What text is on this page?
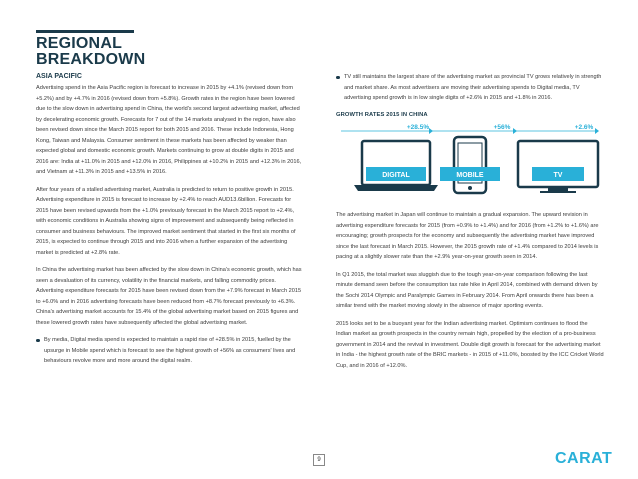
REGIONAL
BREAKDOWN
ASIA PACIFIC

Advertising spend in the Asia Pacific region is forecast to increase in 2015 by +4.1% (revised down from +5.2%) and by +4.7% in 2016 (revised down from +5.8%). Growth rates in the region have been lowered due to the slow down in advertising spend in China, the world's second largest advertising market, affected by decelerating economic growth. Forecasts for 7 out of the 14 markets analysed in the region, have also been revised down since the March 2015 report for both 2015 and 2016. These include Indonesia, Hong Kong, Taiwan and Malaysia. Consumer sentiment in these markets has been affected by weaker than expected global and domestic economic growth. Markets continuing to grow at double digits in 2015 and 2016 are: India at +11.0% in 2015 and +12.0% in 2016, Philippines at +10.2% in 2015 and +12.3% in 2016, and Vietnam at +11.3% in 2015 and +13.5% in 2016.

After four years of a stalled advertising market, Australia is predicted to return to positive growth in 2015. Advertising expenditure in 2015 is forecast to increase by +2.4% to reach AUD13.6billion. Forecasts for 2015 have been revised upwards from the +1.0% previously forecast in the March 2015 report to +2.4%, with economic conditions in Australia showing signs of improvement and subsequently being reflected in consumer and business behaviours. The improved market sentiment that started in the first six months of 2015, is expected to continue through 2015 and into 2016 when a further expansion of the advertising market is predicted at +2.8% rate.

In China the advertising market has been affected by the slow down in China's economic growth, which has seen a devaluation of its currency, volatility in the financial markets, and falling commodity prices. Advertising expenditure forecasts for 2015 have been revised down from the +7.9% forecast in March 2015 to +6.0% and in 2016 advertising forecasts have been reduced from +8.7% forecast previously to +6.3%. China's advertising market accounts for 15.4% of the global advertising market based on 2015 figures and these lowered growth rates have subsequently affected the global advertising market.

By media, Digital media spend is expected to maintain a rapid rise of +28.5% in 2015, fuelled by the upsurge in Mobile spend which is forecast to see the highest growth of +56% as consumers' lives and behaviours revolve more and more around the digital realm.
TV still maintains the largest share of the advertising market as provincial TV grows relatively in strength and market share. As most advertisers are moving their advertising spends to Digital media, TV advertising spend growth is in low single digits of +2.6% in 2015 and +1.8% in 2016.
GROWTH RATES 2015 IN CHINA
+28.5%	+56%	+2.6%
DIGITAL	MOBILE	TV

The advertising market in Japan will continue to maintain a gradual expansion. The upward revision in advertising expenditure forecasts for 2015 (from +0.9% to +1.4%) and for 2016 (from +1.2% to +1.6%) are encouraging; growth prospects for the economy and subsequently the advertising market have improved since the last forecast in March 2015. However, the 2015 growth rate of +1.4% compared to 2014 levels is pacing at a slightly slower rate than the +2.9% year-on-year growth seen in 2014.

In Q1 2015, the total market was sluggish due to the tough year-on-year comparison following the last minute demand seen before the consumption tax rate hike in April 2014, combined with demand driven by the Sochi 2014 Olympic and Paralympic Games in February 2014. From April onwards there has been a similar trend with the market moving slowly in the absence of major sporting events.

2015 looks set to be a buoyant year for the Indian advertising market. Optimism continues to flood the Indian market as growth prospects in the country remain high, propelled by the election of a pro-business government in 2014 and the revival in investment. Double digit growth is forecast for the advertising market in India - the highest growth rate of the BRIC markets - in 2015 of +11.0%, boosted by the ICC Cricket World Cup, and in 2016 of +12.0%.

9	CARAT
